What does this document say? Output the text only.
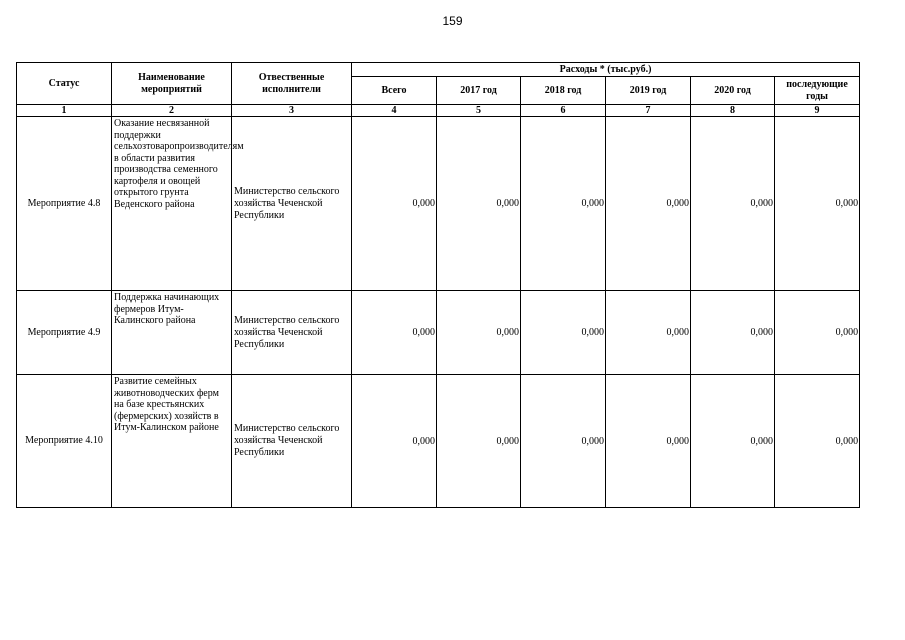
159
Статус	Наименование мероприятий	Отвественные исполнители	Расходы * (тыс.руб.)					
			Всего	2017 год	2018 год	2019 год	2020 год	последующие годы
1	2	3	4	5	6	7	8	9
Мероприятие 4.8	Оказание несвязанной поддержки сельхозтоваропроизводителям в области развития производства семенного картофеля и овощей открытого грунта Веденского района	Министерство сельского хозяйства Чеченской Республики	0,000	0,000	0,000	0,000	0,000	0,000
Мероприятие 4.9	Поддержка начинающих фермеров Итум-Калинского района	Министерство сельского хозяйства Чеченской Республики	0,000	0,000	0,000	0,000	0,000	0,000
Мероприятие 4.10	Развитие семейных животноводческих ферм на базе крестьянских (фермерских) хозяйств в Итум-Калинском районе	Министерство сельского хозяйства Чеченской Республики	0,000	0,000	0,000	0,000	0,000	0,000
